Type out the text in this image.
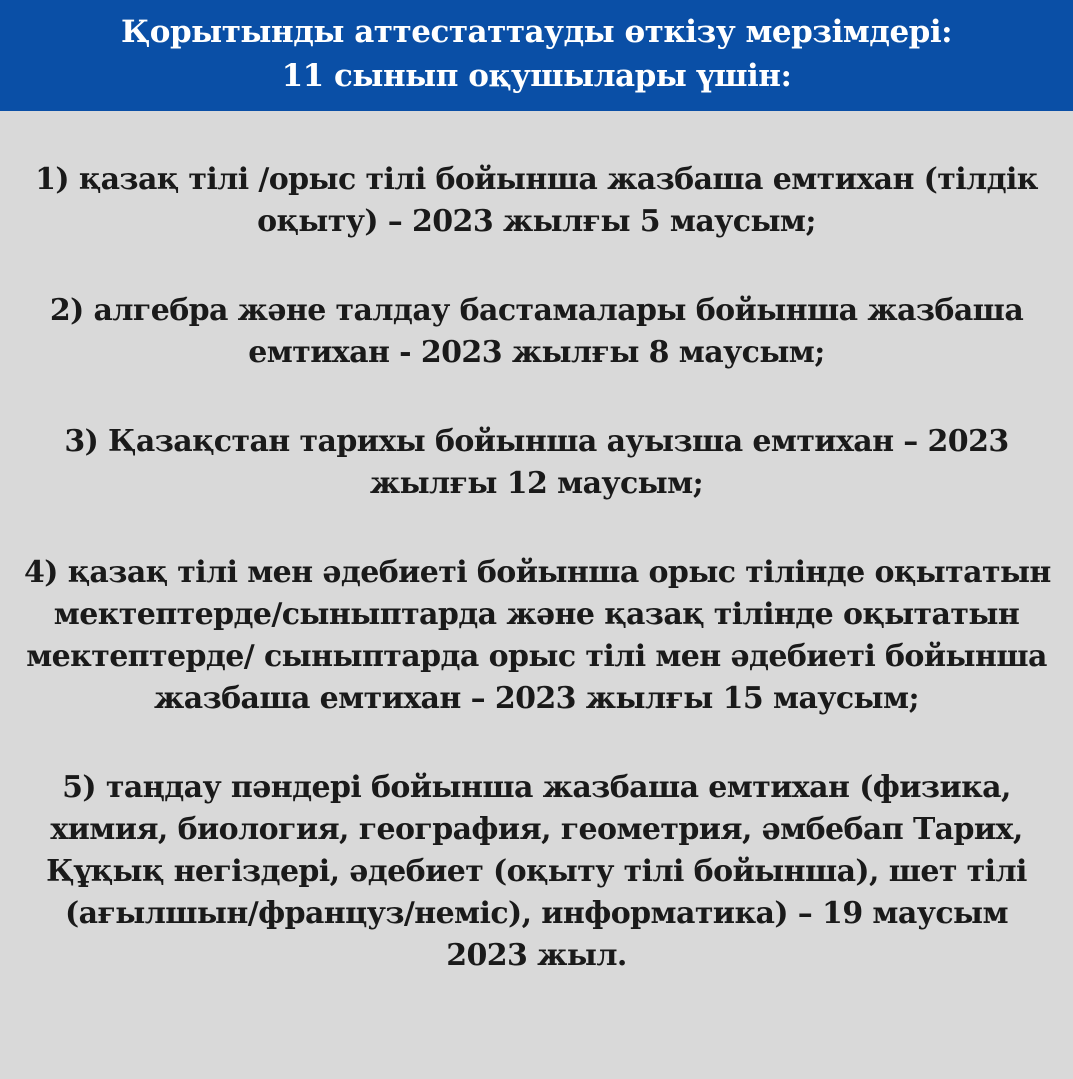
Қорытынды аттестаттауды өткізу мерзімдері:
11 сынып оқушылары үшін:
1) қазақ тілі /орыс тілі бойынша жазбаша емтихан (тілдік
оқыту) – 2023 жылғы 5 маусым;
2) алгебра және талдау бастамалары бойынша жазбаша
емтихан - 2023 жылғы 8 маусым;
3) Қазақстан тарихы бойынша ауызша емтихан – 2023
жылғы 12 маусым;
4) қазақ тілі мен әдебиеті бойынша орыс тілінде оқытатын
мектептерде/сыныптарда және қазақ тілінде оқытатын
мектептерде/ сыныптарда орыс тілі мен әдебиеті бойынша
жазбаша емтихан – 2023 жылғы 15 маусым;
5) таңдау пәндері бойынша жазбаша емтихан (физика,
химия, биология, география, геометрия, әмбебап Тарих,
Құқық негіздері, әдебиет (оқыту тілі бойынша), шет тілі
(ағылшын/француз/неміс), информатика) – 19 маусым
2023 жыл.
